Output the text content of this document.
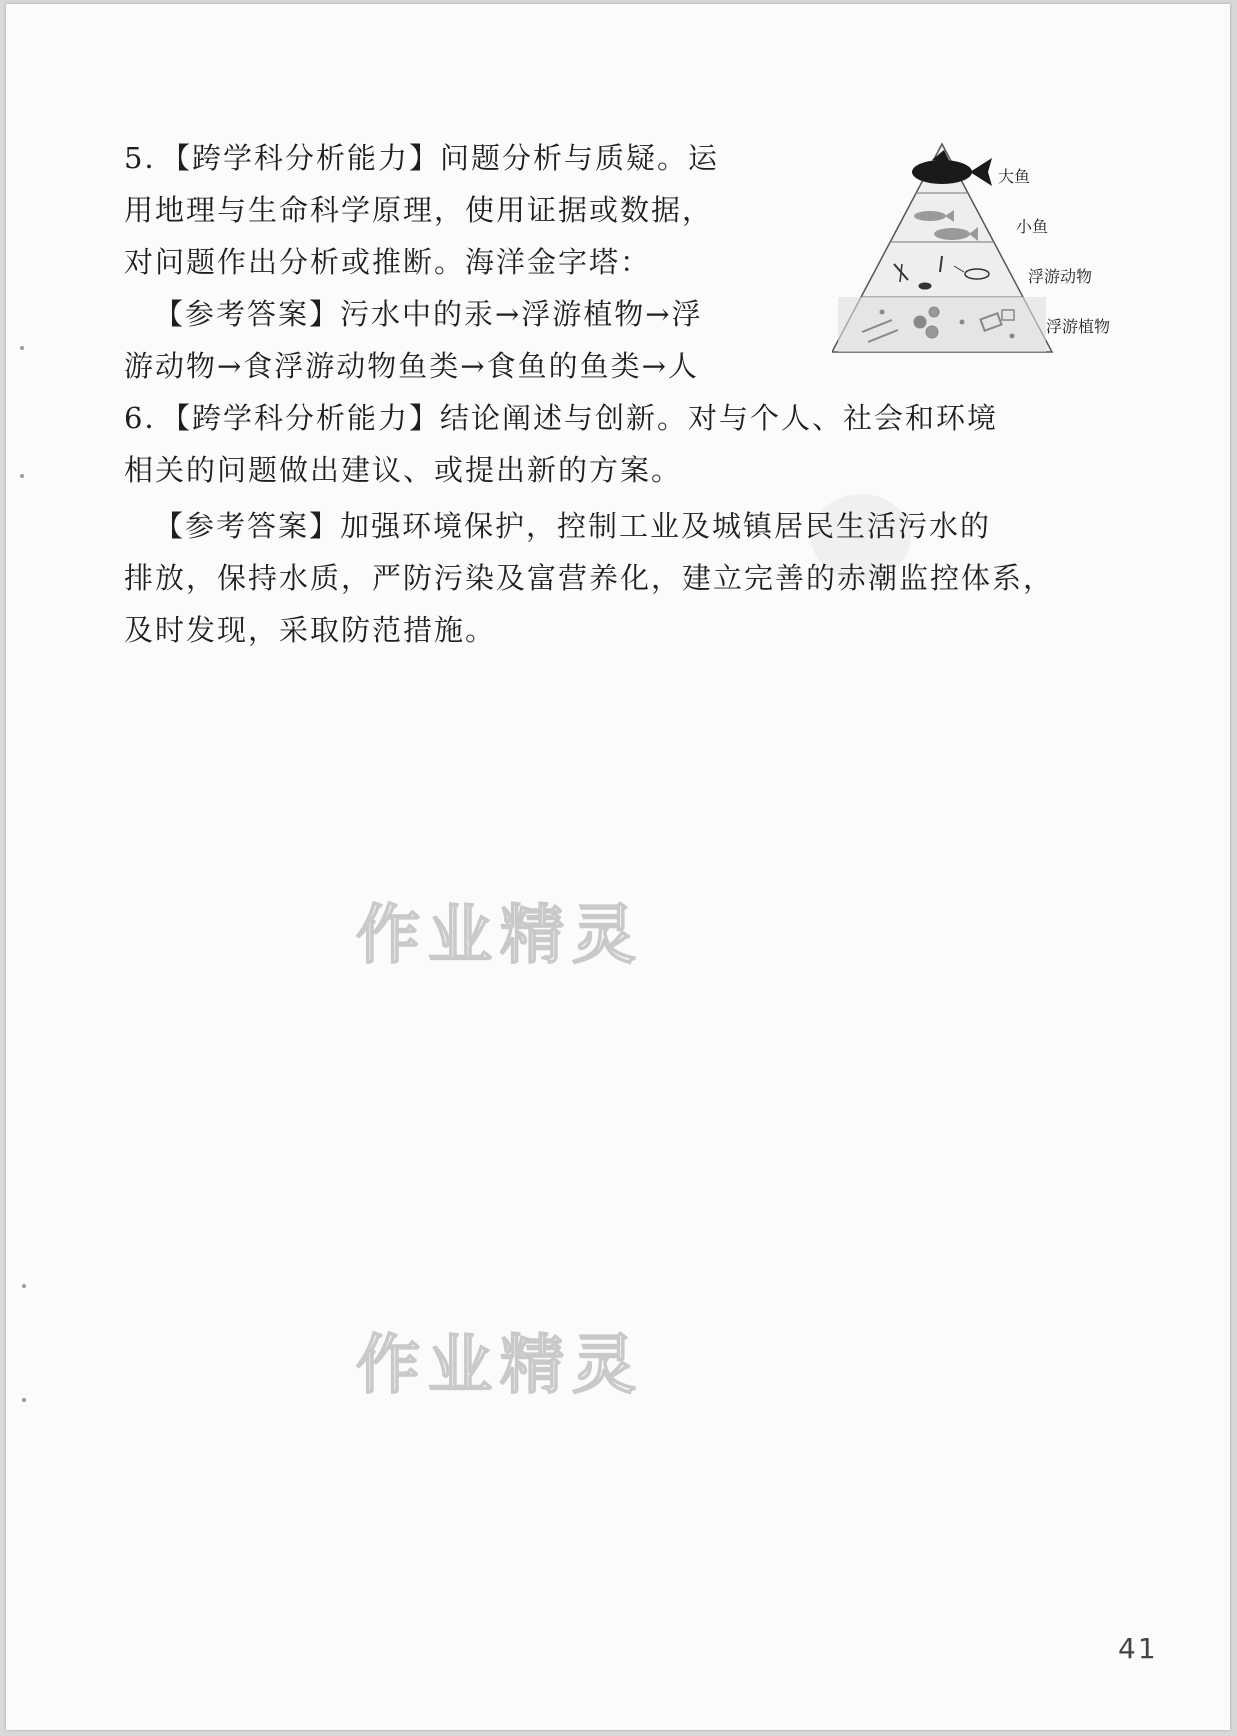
5．【跨学科分析能力】问题分析与质疑。运
用地理与生命科学原理，使用证据或数据，
对问题作出分析或推断。海洋金字塔：
【参考答案】污水中的汞→浮游植物→浮
游动物→食浮游动物鱼类→食鱼的鱼类→人
大鱼
小鱼
浮游动物
浮游植物
6．【跨学科分析能力】结论阐述与创新。对与个人、社会和环境
相关的问题做出建议、或提出新的方案。
【参考答案】加强环境保护，控制工业及城镇居民生活污水的
排放，保持水质，严防污染及富营养化，建立完善的赤潮监控体系，
及时发现，采取防范措施。
作业精灵
作业精灵
41
